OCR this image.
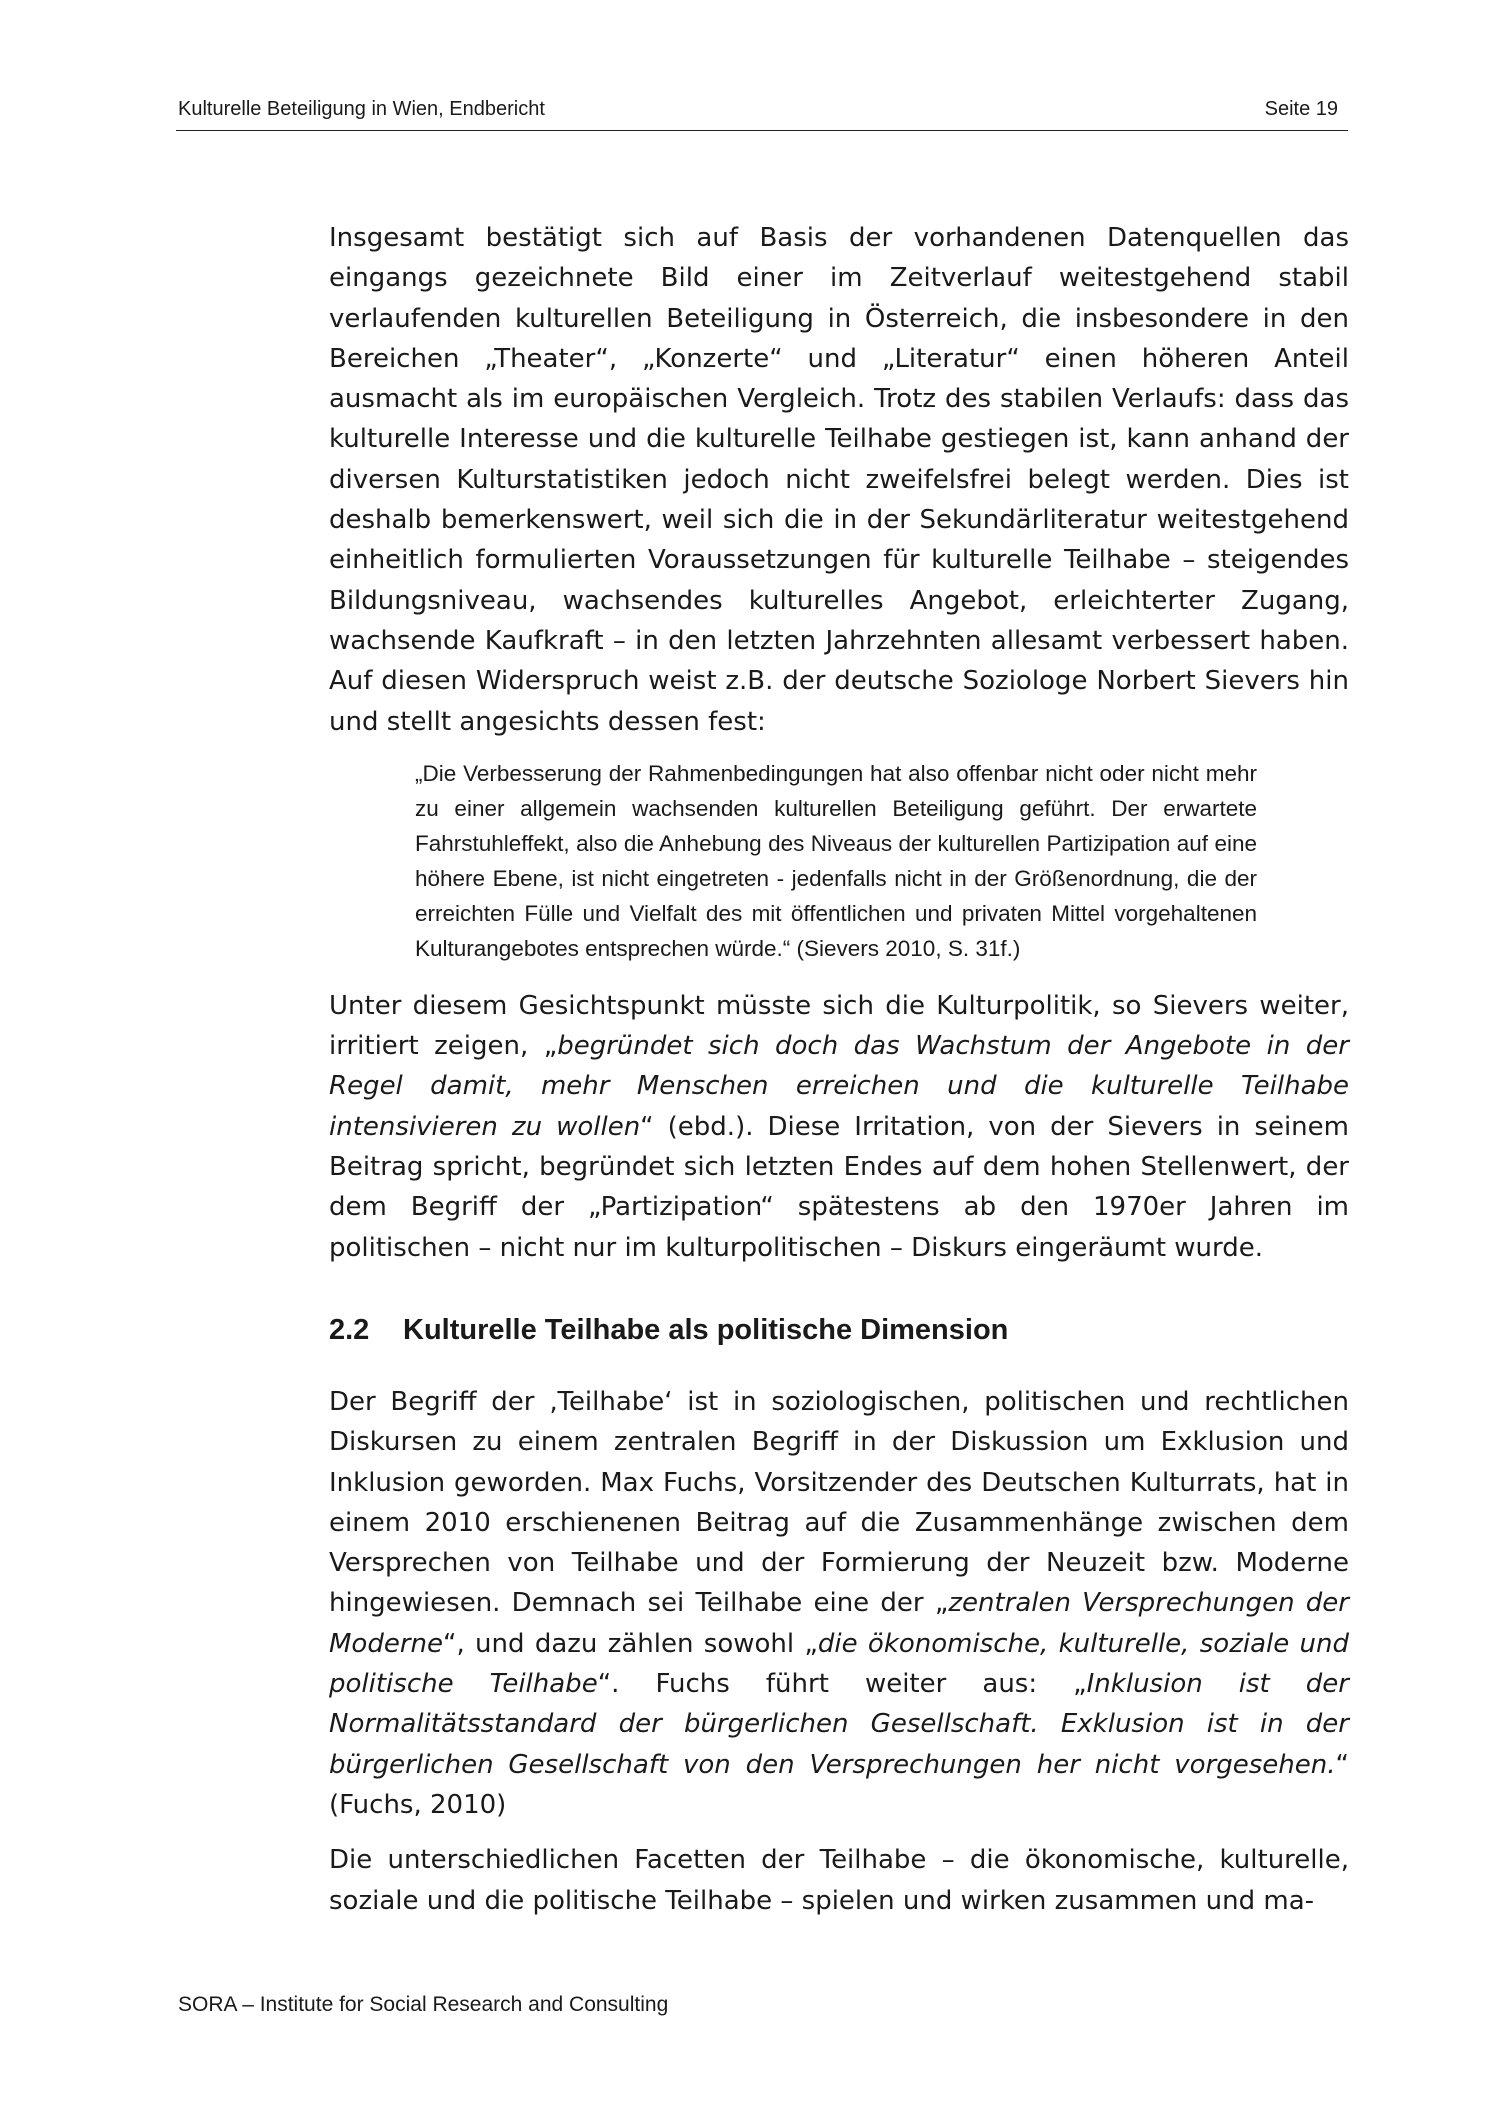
Kulturelle Beteiligung in Wien, Endbericht	Seite 19

Insgesamt bestätigt sich auf Basis der vorhandenen Datenquellen das eingangs gezeichnete Bild einer im Zeitverlauf weitestgehend stabil verlaufenden kulturellen Beteiligung in Österreich, die insbesondere in den Bereichen „Theater“, „Konzerte“ und „Literatur“ einen höheren Anteil ausmacht als im europäischen Vergleich. Trotz des stabilen Verlaufs: dass das kulturelle Interesse und die kulturelle Teilhabe gestiegen ist, kann anhand der diversen Kulturstatistiken jedoch nicht zweifelsfrei belegt werden. Dies ist deshalb bemerkenswert, weil sich die in der Sekundärliteratur weitestgehend einheitlich formulierten Voraussetzungen für kulturelle Teilhabe – steigendes Bildungsniveau, wachsendes kulturelles Angebot, erleichterter Zugang, wachsende Kaufkraft – in den letzten Jahrzehnten allesamt verbessert haben. Auf diesen Widerspruch weist z.B. der deutsche Soziologe Norbert Sievers hin und stellt angesichts dessen fest:

„Die Verbesserung der Rahmenbedingungen hat also offenbar nicht oder nicht mehr zu einer allgemein wachsenden kulturellen Beteiligung geführt. Der erwartete Fahrstuhleffekt, also die Anhebung des Niveaus der kulturellen Partizipation auf eine höhere Ebene, ist nicht eingetreten - jedenfalls nicht in der Größenordnung, die der erreichten Fülle und Vielfalt des mit öffentlichen und privaten Mittel vorgehaltenen Kulturangebotes entsprechen würde.“ (Sievers 2010, S. 31f.)

Unter diesem Gesichtspunkt müsste sich die Kulturpolitik, so Sievers weiter, irritiert zeigen, „begründet sich doch das Wachstum der Angebote in der Regel damit, mehr Menschen erreichen und die kulturelle Teilhabe intensivieren zu wollen“ (ebd.). Diese Irritation, von der Sievers in seinem Beitrag spricht, begründet sich letzten Endes auf dem hohen Stellenwert, der dem Begriff der „Partizipation“ spätestens ab den 1970er Jahren im politischen – nicht nur im kulturpolitischen – Diskurs eingeräumt wurde.

2.2 Kulturelle Teilhabe als politische Dimension

Der Begriff der ‚Teilhabe‘ ist in soziologischen, politischen und rechtlichen Diskursen zu einem zentralen Begriff in der Diskussion um Exklusion und Inklusion geworden. Max Fuchs, Vorsitzender des Deutschen Kulturrats, hat in einem 2010 erschienenen Beitrag auf die Zusammenhänge zwischen dem Versprechen von Teilhabe und der Formierung der Neuzeit bzw. Moderne hingewiesen. Demnach sei Teilhabe eine der „zentralen Versprechungen der Moderne“, und dazu zählen sowohl „die ökonomische, kulturelle, soziale und politische Teilhabe“. Fuchs führt weiter aus: „Inklusion ist der Normalitätsstandard der bürgerlichen Gesellschaft. Exklusion ist in der bürgerlichen Gesellschaft von den Versprechungen her nicht vorgesehen.“ (Fuchs, 2010)

Die unterschiedlichen Facetten der Teilhabe – die ökonomische, kulturelle, soziale und die politische Teilhabe – spielen und wirken zusammen und ma-

SORA – Institute for Social Research and Consulting
